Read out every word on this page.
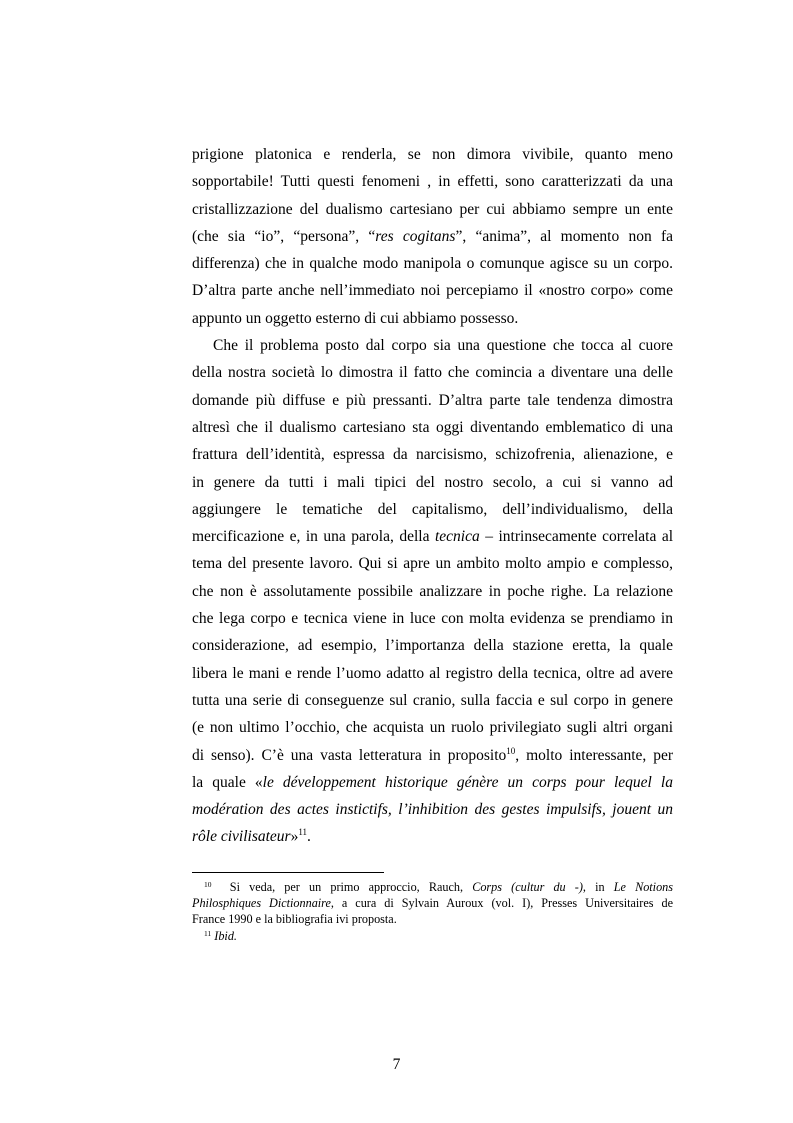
prigione platonica e renderla, se non dimora vivibile, quanto meno
sopportabile! Tutti questi fenomeni , in effetti, sono caratterizzati da una
cristallizzazione del dualismo cartesiano per cui abbiamo sempre un ente
(che sia “io”, “persona”, “res cogitans”, “anima”, al momento non fa
differenza) che in qualche modo manipola o comunque agisce su un corpo.
D’altra parte anche nell’immediato noi percepiamo il «nostro corpo» come
appunto un oggetto esterno di cui abbiamo possesso.
Che il problema posto dal corpo sia una questione che tocca al cuore
della nostra società lo dimostra il fatto che comincia a diventare una delle
domande più diffuse e più pressanti. D’altra parte tale tendenza dimostra
altresì che il dualismo cartesiano sta oggi diventando emblematico di una
frattura dell’identità, espressa da narcisismo, schizofrenia, alienazione, e
in genere da tutti i mali tipici del nostro secolo, a cui si vanno ad
aggiungere le tematiche del capitalismo, dell’individualismo, della
mercificazione e, in una parola, della tecnica – intrinsecamente correlata al
tema del presente lavoro. Qui si apre un ambito molto ampio e complesso,
che non è assolutamente possibile analizzare in poche righe. La relazione
che lega corpo e tecnica viene in luce con molta evidenza se prendiamo in
considerazione, ad esempio, l’importanza della stazione eretta, la quale
libera le mani e rende l’uomo adatto al registro della tecnica, oltre ad avere
tutta una serie di conseguenze sul cranio, sulla faccia e sul corpo in genere
(e non ultimo l’occhio, che acquista un ruolo privilegiato sugli altri organi
di senso). C’è una vasta letteratura in proposito$^{10}$, molto interessante, per
la quale «le développement historique génère un corps pour lequel la
modération des actes instictifs, l’inhibition des gestes impulsifs, jouent un
rôle civilisateur»$^{11}$.
$^{10}$ Si veda, per un primo approccio, Rauch, Corps (cultur du -), in Le Notions
Philosphiques Dictionnaire, a cura di Sylvain Auroux (vol. I), Presses Universitaires de
France 1990 e la bibliografia ivi proposta.
$^{11}$ Ibid.
7
